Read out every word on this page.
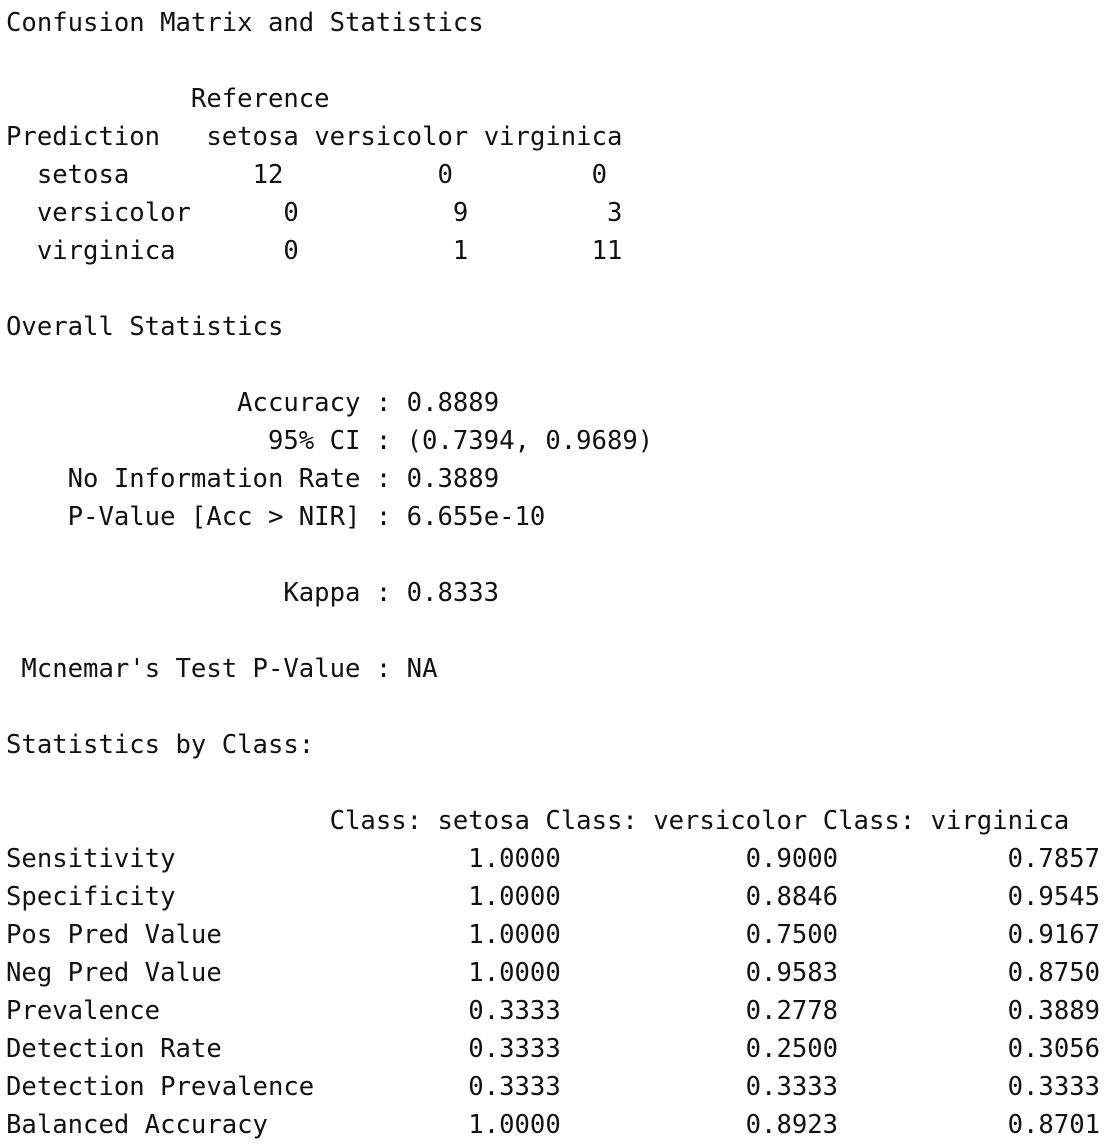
Confusion Matrix and Statistics
Reference
Prediction setosa versicolor virginica
setosa	12	0	0
versicolor	0	9	3
virginica	0	1	11
Overall Statistics
Accuracy : 0.8889
95% CI : (0.7394, 0.9689)
No Information Rate : 0.3889
P-Value [Acc > NIR] : 6.655e-10
Kappa : 0.8333
Mcnemar's Test P-Value : NA
Statistics by Class:
Class: setosa Class: versicolor Class: virginica
Sensitivity	1.0000	0.9000	0.7857
Specificity	1.0000	0.8846	0.9545
Pos Pred Value	1.0000	0.7500	0.9167
Neg Pred Value	1.0000	0.9583	0.8750
Prevalence	0.3333	0.2778	0.3889
Detection Rate	0.3333	0.2500	0.3056
Detection Prevalence	0.3333	0.3333	0.3333
Balanced Accuracy	1.0000	0.8923	0.8701
